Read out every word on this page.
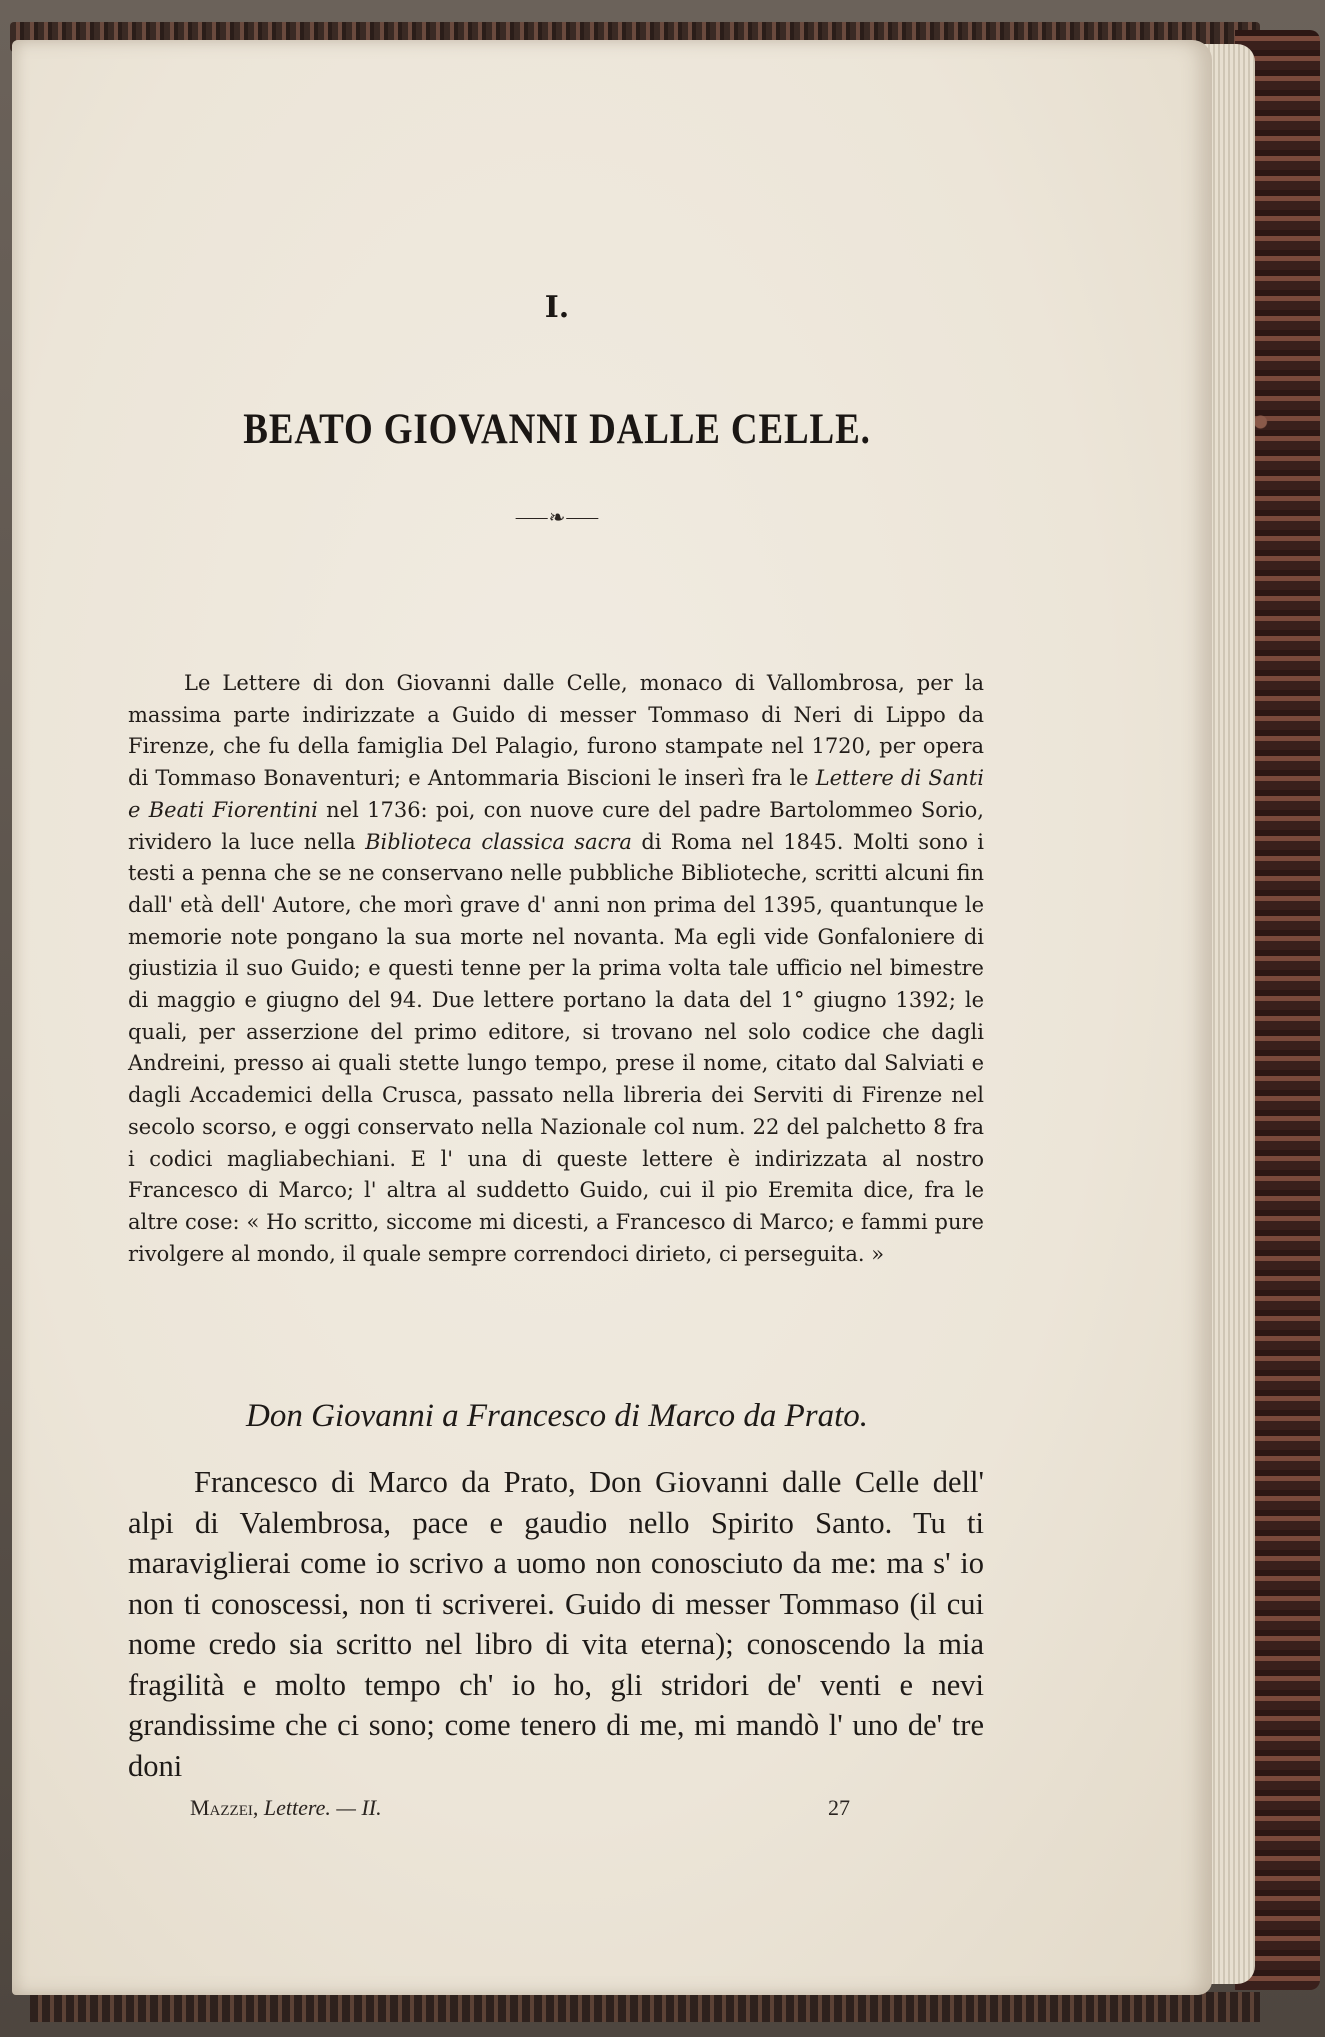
I.
BEATO GIOVANNI DALLE CELLE.
⸺❧⸺
Le Lettere di don Giovanni dalle Celle, monaco di Vallombrosa, per la massima parte indirizzate a Guido di messer Tommaso di Neri di Lippo da Firenze, che fu della famiglia Del Palagio, furono stampate nel 1720, per opera di Tommaso Bonaventuri; e Antommaria Biscioni le inserì fra le Lettere di Santi e Beati Fiorentini nel 1736: poi, con nuove cure del padre Bartolommeo Sorio, rividero la luce nella Biblioteca classica sacra di Roma nel 1845. Molti sono i testi a penna che se ne conservano nelle pubbliche Biblioteche, scritti alcuni fin dall' età dell' Autore, che morì grave d' anni non prima del 1395, quantunque le memorie note pongano la sua morte nel novanta. Ma egli vide Gonfaloniere di giustizia il suo Guido; e questi tenne per la prima volta tale ufficio nel bimestre di maggio e giugno del 94. Due lettere portano la data del 1° giugno 1392; le quali, per asserzione del primo editore, si trovano nel solo codice che dagli Andreini, presso ai quali stette lungo tempo, prese il nome, citato dal Salviati e dagli Accademici della Crusca, passato nella libreria dei Serviti di Firenze nel secolo scorso, e oggi conservato nella Nazionale col num. 22 del palchetto 8 fra i codici magliabechiani. E l' una di queste lettere è indirizzata al nostro Francesco di Marco; l' altra al suddetto Guido, cui il pio Eremita dice, fra le altre cose: « Ho scritto, siccome mi dicesti, a Francesco di Marco; e fammi pure rivolgere al mondo, il quale sempre correndoci dirieto, ci perseguita. »
Don Giovanni a Francesco di Marco da Prato.
Francesco di Marco da Prato, Don Giovanni dalle Celle dell' alpi di Valembrosa, pace e gaudio nello Spirito Santo. Tu ti maraviglierai come io scrivo a uomo non conosciuto da me: ma s' io non ti conoscessi, non ti scriverei. Guido di messer Tommaso (il cui nome credo sia scritto nel libro di vita eterna); conoscendo la mia fragilità e molto tempo ch' io ho, gli stridori de' venti e nevi grandissime che ci sono; come tenero di me, mi mandò l' uno de' tre doni
Mazzei, Lettere. — II.	27
